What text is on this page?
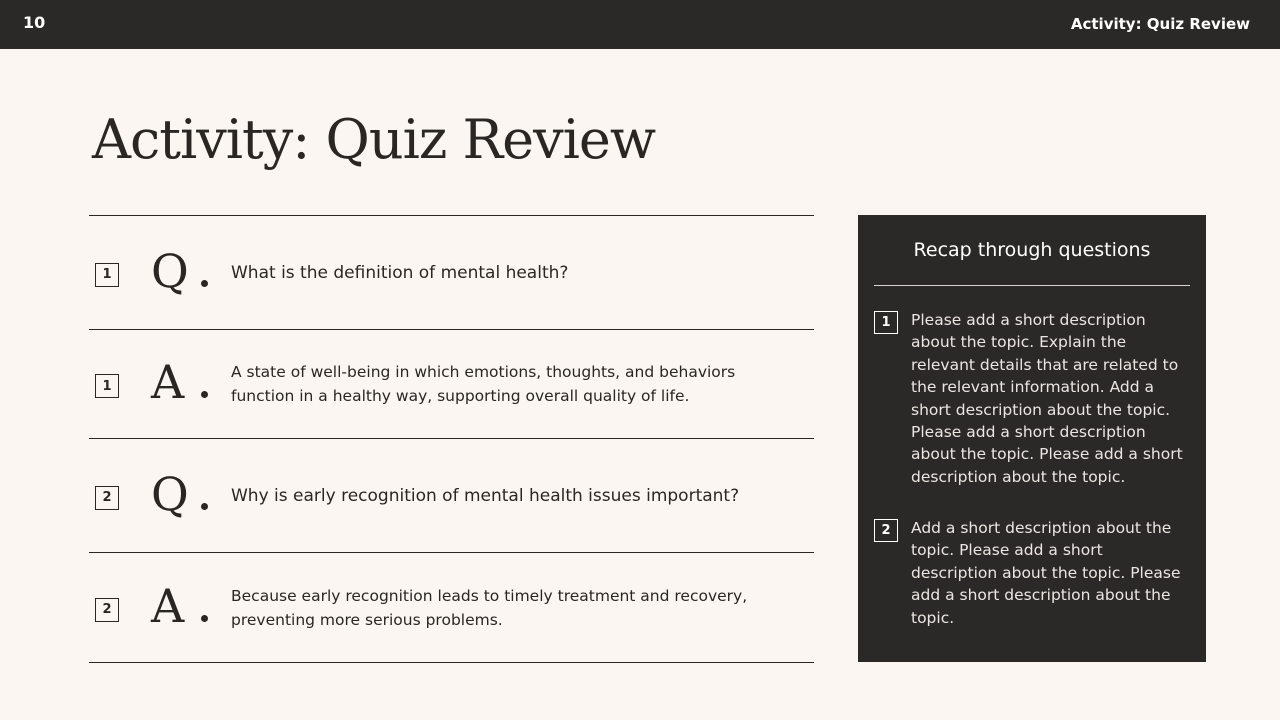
10	Activity: Quiz Review
Activity: Quiz Review
1 Q What is the definition of mental health?
1 A	A state of well-being in which emotions, thoughts, and behaviors function in a healthy way, supporting overall quality of life.
2 Q Why is early recognition of mental health issues important?
2 A	Because early recognition leads to timely treatment and recovery, preventing more serious problems.
Recap through questions
1	Please add a short description about the topic. Explain the relevant details that are related to the relevant information. Add a short description about the topic. Please add a short description about the topic. Please add a short description about the topic.
2	Add a short description about the topic. Please add a short description about the topic. Please add a short description about the topic.
